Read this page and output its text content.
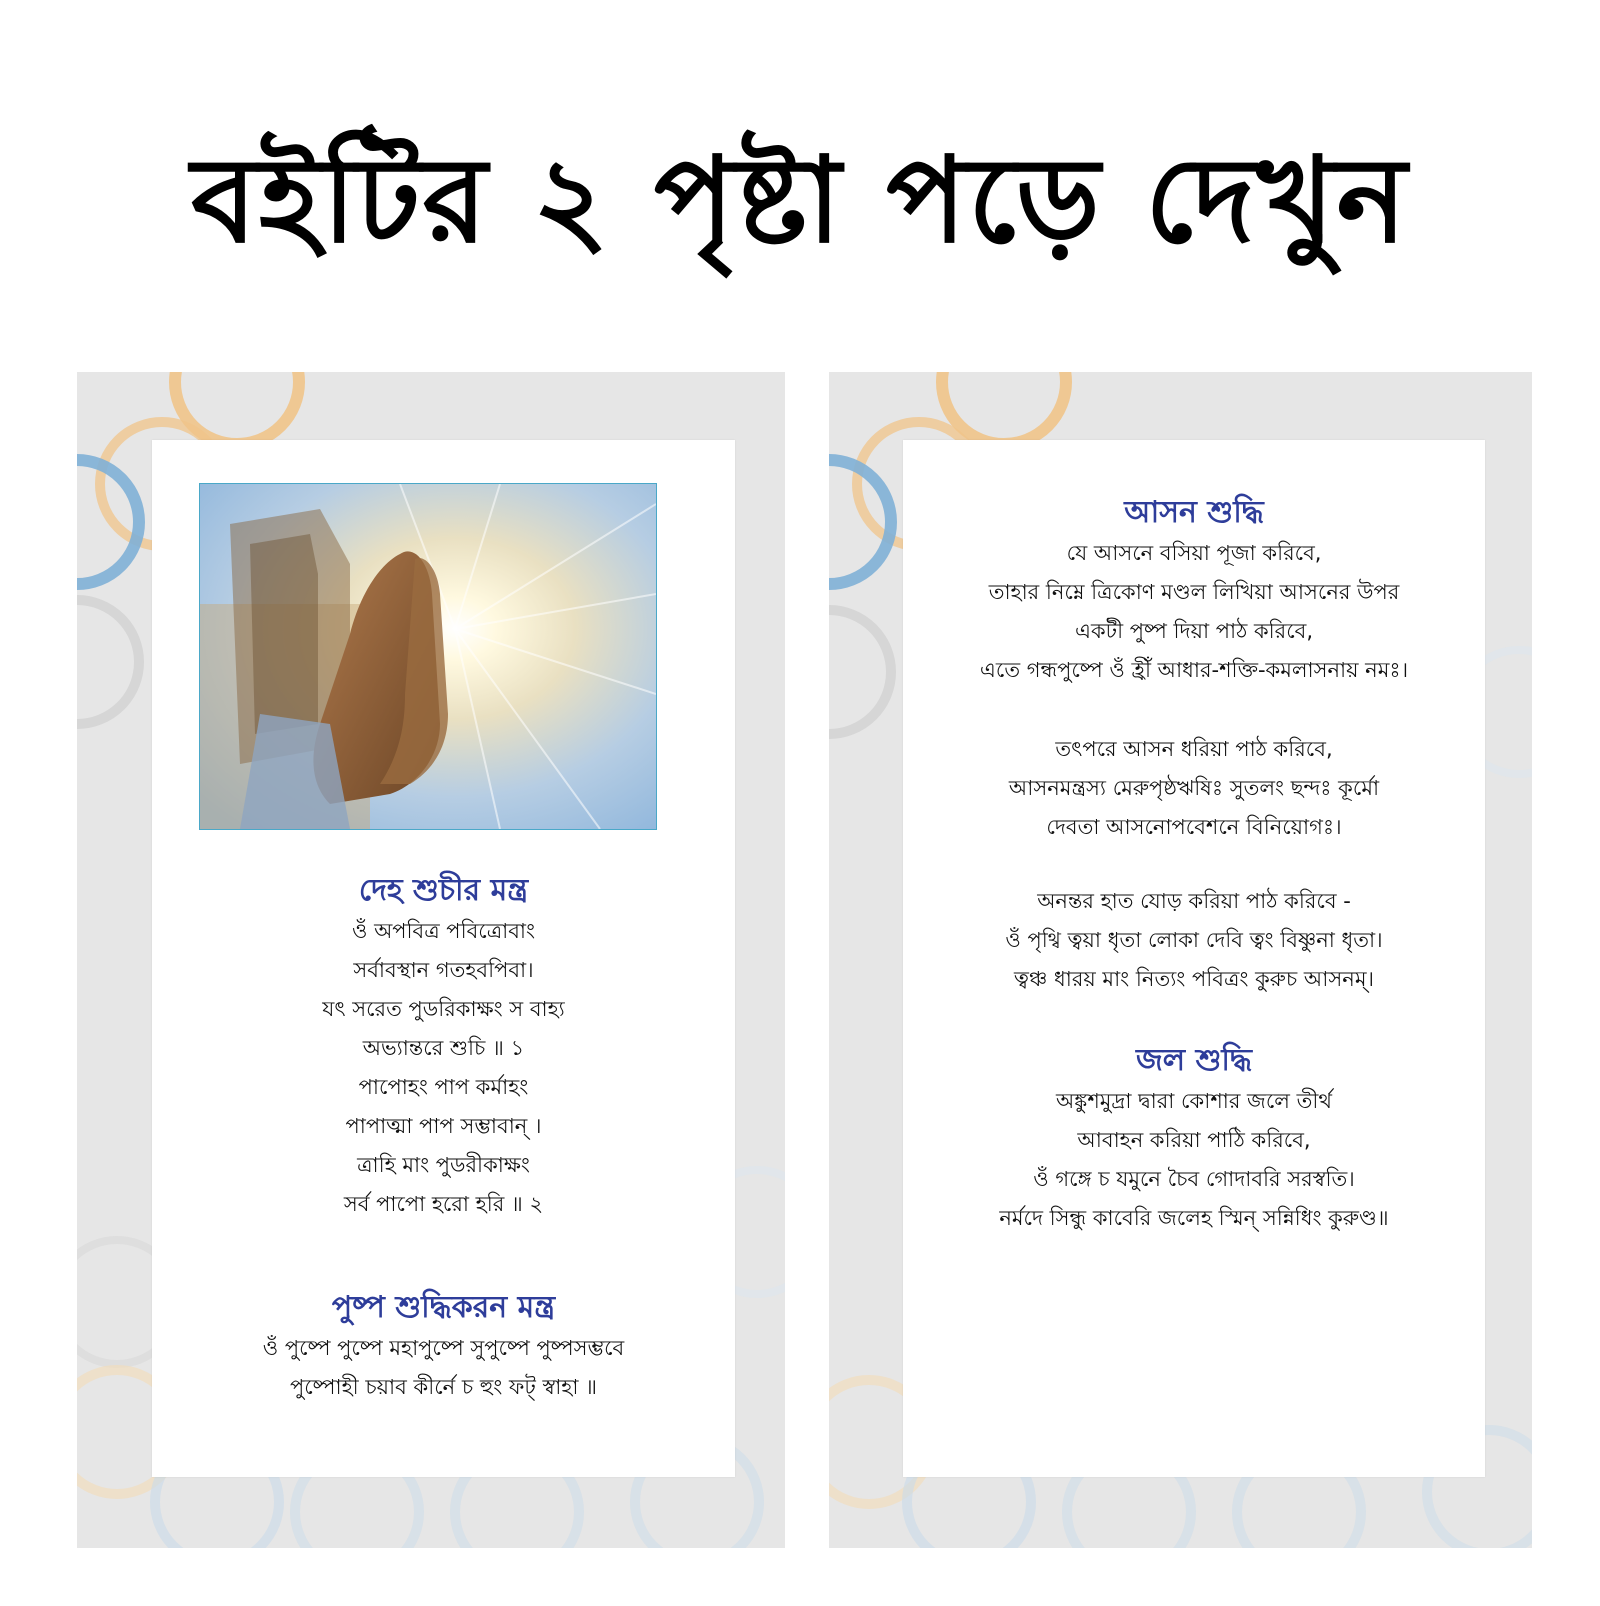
বইটির ২ পৃষ্টা পড়ে দেখুন
দেহ শুচীর মন্ত্র
ওঁ অপবিত্র পবিত্রোবাং
সর্বাবস্থান গতহবপিবা।
যৎ সরেত পুডরিকাক্ষং স বাহ্য
অভ্যান্তরে শুচি ॥ ১
পাপোহং পাপ কর্মাহং
পাপাত্মা পাপ সম্ভাবান্ ।
ত্রাহি মাং পুডরীকাক্ষং
সর্ব পাপো হরো হরি ॥ ২
পুষ্প শুদ্ধিকরন মন্ত্র
ওঁ পুষ্পে পুষ্পে মহাপুষ্পে সুপুষ্পে পুষ্পসম্ভবে
পুষ্পোহী চয়াব কীর্নে চ হুং ফট্ স্বাহা ॥
আসন শুদ্ধি
যে আসনে বসিয়া পূজা করিবে,
তাহার নিম্নে ত্রিকোণ মণ্ডল লিখিয়া আসনের উপর
একটী পুষ্প দিয়া পাঠ করিবে,
এতে গন্ধপুষ্পে ওঁ হ্রীঁ আধার-শক্তি-কমলাসনায় নমঃ।
তৎপরে আসন ধরিয়া পাঠ করিবে,
আসনমন্ত্রস্য মেরুপৃষ্ঠঋষিঃ সুতলং ছন্দঃ কূর্মো
দেবতা আসনোপবেশনে বিনিয়োগঃ।
অনন্তর হাত যোড় করিয়া পাঠ করিবে -
ওঁ পৃথ্বি ত্বয়া ধৃতা লোকা দেবি ত্বং বিষ্ণুনা ধৃতা।
ত্বঞ্চ ধারয় মাং নিত্যং পবিত্রং কুরুচ আসনম্।
জল শুদ্ধি
অঙ্কুশমুদ্রা দ্বারা কোশার জলে তীর্থ
আবাহন করিয়া পাঠি করিবে,
ওঁ গঙ্গে চ যমুনে চৈব গোদাবরি সরস্বতি।
নর্মদে সিন্ধু কাবেরি জলেহ স্মিন্ সন্নিধিং কুরুণ্ড॥
